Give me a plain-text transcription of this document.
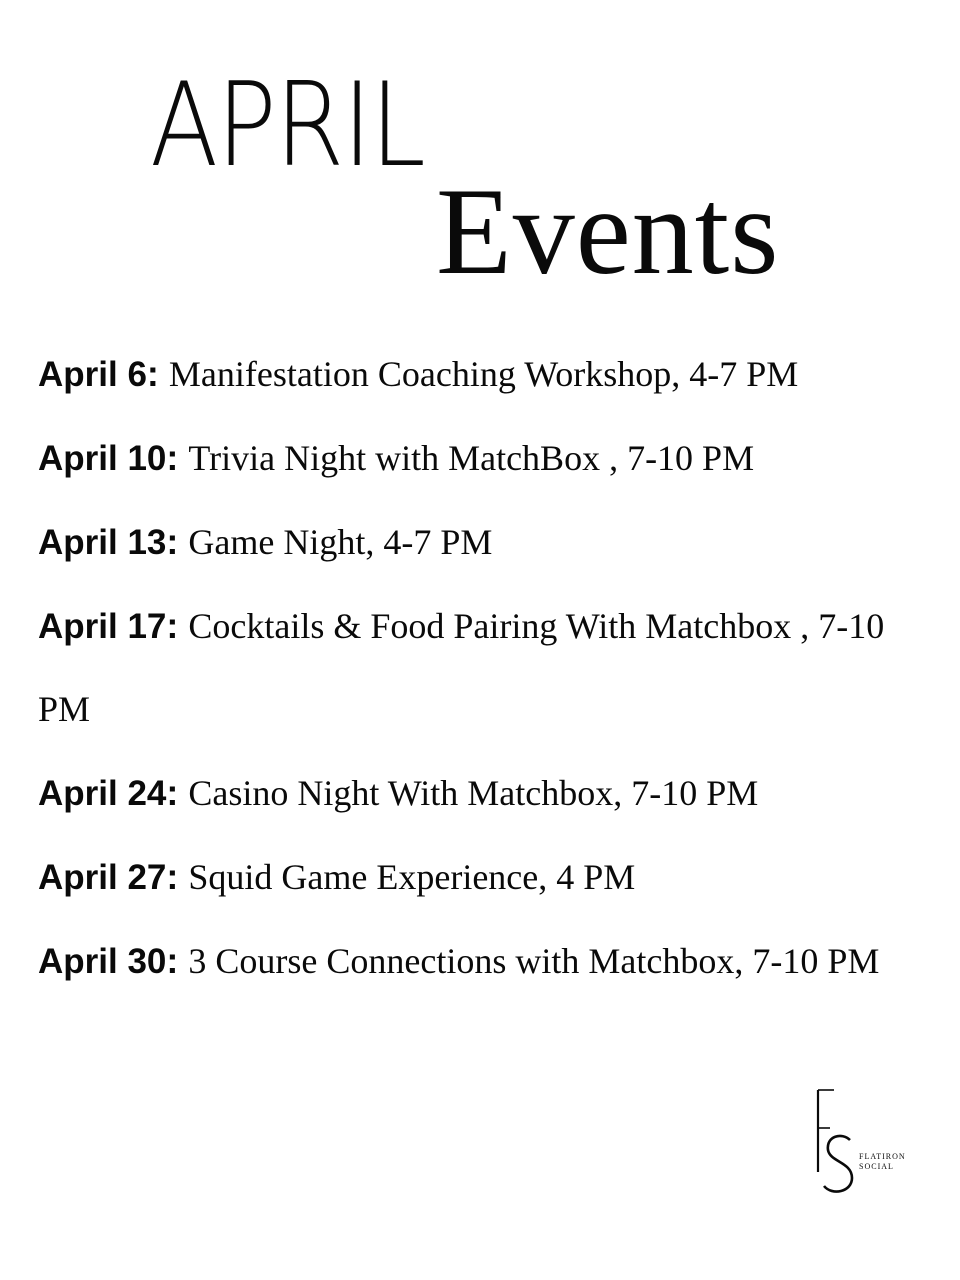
APRIL
Events
April 6: Manifestation Coaching Workshop, 4-7 PM
April 10: Trivia Night with MatchBox , 7-10 PM
April 13: Game Night, 4-7 PM
April 17: Cocktails & Food Pairing With Matchbox , 7-10 PM
April 24: Casino Night With Matchbox, 7-10 PM
April 27: Squid Game Experience, 4 PM
April 30: 3 Course Connections with Matchbox, 7-10 PM
FLATIRON
SOCIAL
